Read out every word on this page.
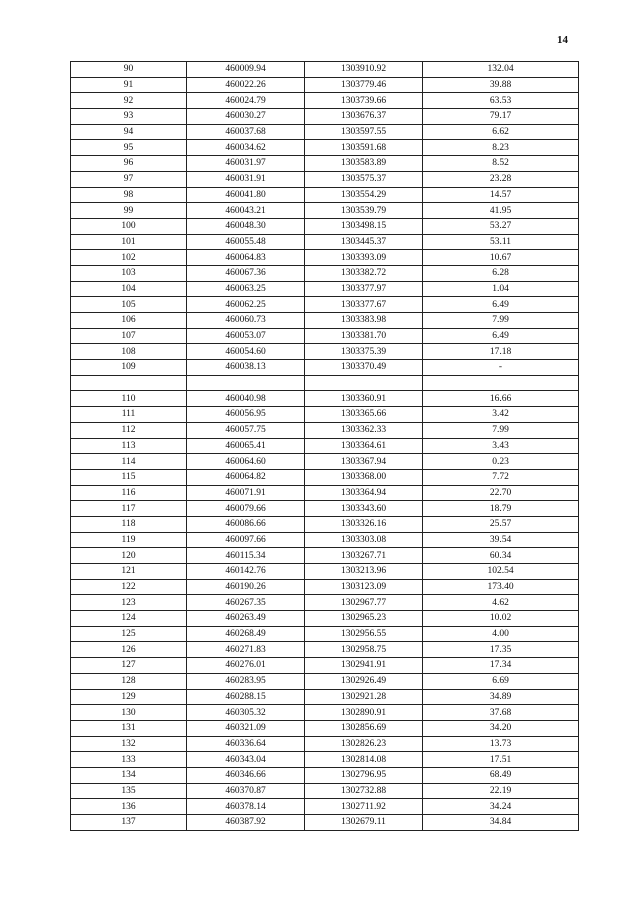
14
90	460009.94	1303910.92	132.04
91	460022.26	1303779.46	39.88
92	460024.79	1303739.66	63.53
93	460030.27	1303676.37	79.17
94	460037.68	1303597.55	6.62
95	460034.62	1303591.68	8.23
96	460031.97	1303583.89	8.52
97	460031.91	1303575.37	23.28
98	460041.80	1303554.29	14.57
99	460043.21	1303539.79	41.95
100	460048.30	1303498.15	53.27
101	460055.48	1303445.37	53.11
102	460064.83	1303393.09	10.67
103	460067.36	1303382.72	6.28
104	460063.25	1303377.97	1.04
105	460062.25	1303377.67	6.49
106	460060.73	1303383.98	7.99
107	460053.07	1303381.70	6.49
108	460054.60	1303375.39	17.18
109	460038.13	1303370.49	-

110	460040.98	1303360.91	16.66
111	460056.95	1303365.66	3.42
112	460057.75	1303362.33	7.99
113	460065.41	1303364.61	3.43
114	460064.60	1303367.94	0.23
115	460064.82	1303368.00	7.72
116	460071.91	1303364.94	22.70
117	460079.66	1303343.60	18.79
118	460086.66	1303326.16	25.57
119	460097.66	1303303.08	39.54
120	460115.34	1303267.71	60.34
121	460142.76	1303213.96	102.54
122	460190.26	1303123.09	173.40
123	460267.35	1302967.77	4.62
124	460263.49	1302965.23	10.02
125	460268.49	1302956.55	4.00
126	460271.83	1302958.75	17.35
127	460276.01	1302941.91	17.34
128	460283.95	1302926.49	6.69
129	460288.15	1302921.28	34.89
130	460305.32	1302890.91	37.68
131	460321.09	1302856.69	34.20
132	460336.64	1302826.23	13.73
133	460343.04	1302814.08	17.51
134	460346.66	1302796.95	68.49
135	460370.87	1302732.88	22.19
136	460378.14	1302711.92	34.24
137	460387.92	1302679.11	34.84
